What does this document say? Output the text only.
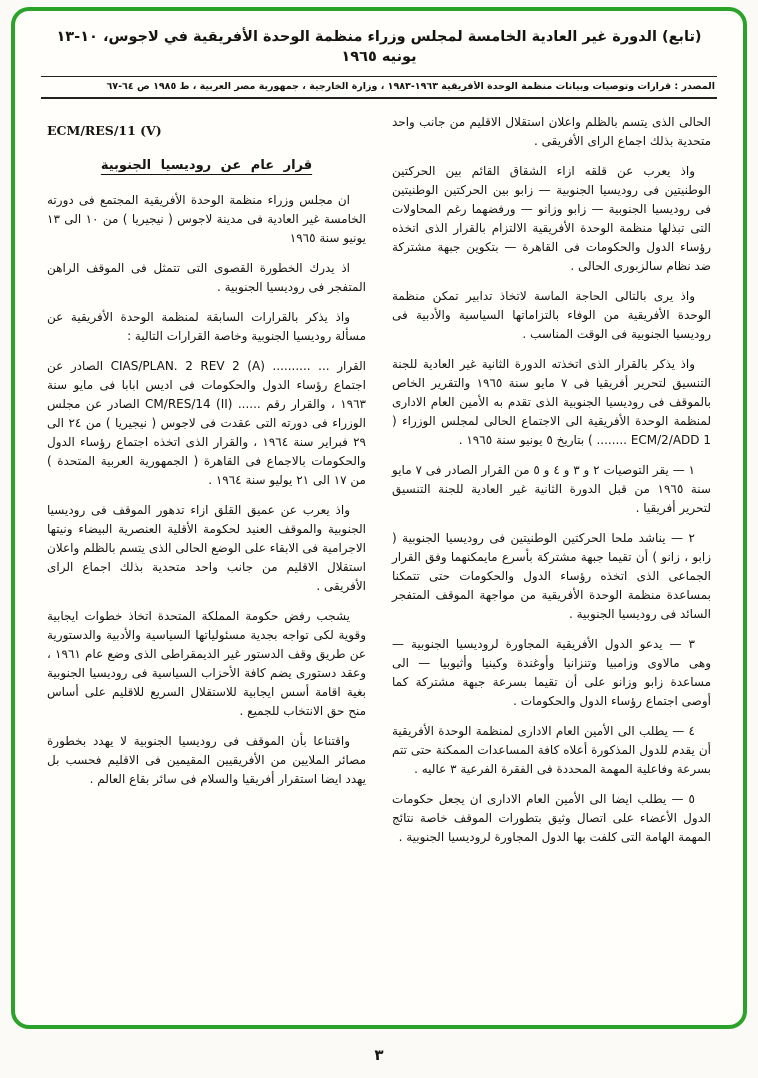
(تابع) الدورة غير العادية الخامسة لمجلس وزراء منظمة الوحدة الأفريقية في لاجوس، ١٠-١٣ يونيه ١٩٦٥

المصدر : قرارات وتوصيات وبيانات منظمة الوحدة الأفريقية ١٩٦٣-١٩٨٣ ، وزارة الخارجية ، جمهورية مصر العربية ، ط ١٩٨٥ ص ٦٤-٦٧

الحالى الذى يتسم بالظلم واعلان استقلال الاقليم من جانب واحد متحدية بذلك اجماع الراى الأفريقى .

واذ يعرب عن قلقه ازاء الشقاق القائم بين الحركتين الوطنيتين فى روديسيا الجنوبية — زابو بين الحركتين الوطنيتين فى روديسيا الجنوبية — زابو وزانو — ورفضهما رغم المحاولات التى تبذلها منظمة الوحدة الأفريقية الالتزام بالقرار الذى اتخذه رؤساء الدول والحكومات فى القاهرة — بتكوين جبهة مشتركة ضد نظام سالزبورى الحالى .

واذ يرى بالتالى الحاجة الماسة لاتخاذ تدابير تمكن منظمة الوحدة الأفريقية من الوفاء بالتزاماتها السياسية والأدبية فى روديسيا الجنوبية فى الوقت المناسب .

واذ يذكر بالقرار الذى اتخذته الدورة الثانية غير العادية للجنة التنسيق لتحرير أفريقيا فى ٧ مايو سنة ١٩٦٥ والتقرير الخاص بالموقف فى روديسيا الجنوبية الذى تقدم به الأمين العام الادارى لمنظمة الوحدة الأفريقية الى الاجتماع الحالى لمجلس الوزراء ( ECM/2/ADD 1 ........ ) بتاريخ ٥ يونيو سنة ١٩٦٥ .

١ — يقر التوصيات ٢ و ٣ و ٤ و ٥ من القرار الصادر فى ٧ مايو سنة ١٩٦٥ من قبل الدورة الثانية غير العادية للجنة التنسيق لتحرير أفريقيا .

٢ — يناشد ملحا الحركتين الوطنيتين فى روديسيا الجنوبية ( زابو ، زانو ) أن تقيما جبهة مشتركة بأسرع مايمكنهما وفق القرار الجماعى الذى اتخذه رؤساء الدول والحكومات حتى تتمكنا بمساعدة منظمة الوحدة الأفريقية من مواجهة الموقف المتفجر السائد فى روديسيا الجنوبية .

٣ — يدعو الدول الأفريقية المجاورة لروديسيا الجنوبية — وهى مالاوى وزامبيا وتنزانيا وأوغندة وكينيا وأثيوبيا — الى مساعدة زابو وزانو على أن تقيما بسرعة جبهة مشتركة كما أوصى اجتماع رؤساء الدول والحكومات .

٤ — يطلب الى الأمين العام الادارى لمنظمة الوحدة الأفريقية أن يقدم للدول المذكورة أعلاه كافة المساعدات الممكنة حتى تتم بسرعة وفاعلية المهمة المحددة فى الفقرة الفرعية ٣ عاليه .

٥ — يطلب ايضا الى الأمين العام الادارى ان يجعل حكومات الدول الأعضاء على اتصال وثيق بتطورات الموقف خاصة نتائج المهمة الهامة التى كلفت بها الدول المجاورة لروديسيا الجنوبية .

ECM/RES/11 (V)
قرار عام عن روديسيا الجنوبية

ان مجلس وزراء منظمة الوحدة الأفريقية المجتمع فى دورته الخامسة غير العادية فى مدينة لاجوس ( نيجيريا ) من ١٠ الى ١٣ يونيو سنة ١٩٦٥

اذ يدرك الخطورة القصوى التى تتمثل فى الموقف الراهن المتفجر فى روديسيا الجنوبية .

واذ يذكر بالقرارات السابقة لمنظمة الوحدة الأفريقية عن مسألة روديسيا الجنوبية وخاصة القرارات التالية :

القرار ... .......... CIAS/PLAN. 2 REV 2 (A) الصادر عن اجتماع رؤساء الدول والحكومات فى اديس ابابا فى مايو سنة ١٩٦٣ ، والقرار رقم ...... CM/RES/14 (II) الصادر عن مجلس الوزراء فى دورته التى عقدت فى لاجوس ( نيجيريا ) من ٢٤ الى ٢٩ فبراير سنة ١٩٦٤ ، والقرار الذى اتخذه اجتماع رؤساء الدول والحكومات بالاجماع فى القاهرة ( الجمهورية العربية المتحدة ) من ١٧ الى ٢١ يوليو سنة ١٩٦٤ .

واذ يعرب عن عميق القلق ازاء تدهور الموقف فى روديسيا الجنوبية والموقف العنيد لحكومة الأقلية العنصرية البيضاء ونيتها الاجرامية فى الابقاء على الوضع الحالى الذى يتسم بالظلم واعلان استقلال الاقليم من جانب واحد متحدية بذلك اجماع الراى الأفريقى .

يشجب رفض حكومة المملكة المتحدة اتخاذ خطوات ايجابية وقوية لكى تواجه بجدية مسئولياتها السياسية والأدبية والدستورية عن طريق وقف الدستور غير الديمقراطى الذى وضع عام ١٩٦١ ، وعقد دستورى يضم كافة الأحزاب السياسية فى روديسيا الجنوبية بغية اقامة أسس ايجابية للاستقلال السريع للاقليم على أساس منح حق الانتخاب للجميع .

واقتناعا بأن الموقف فى روديسيا الجنوبية لا يهدد بخطورة مصائر الملايين من الأفريقيين المقيمين فى الاقليم فحسب بل يهدد ايضا استقرار أفريقيا والسلام فى سائر بقاع العالم .

٣
